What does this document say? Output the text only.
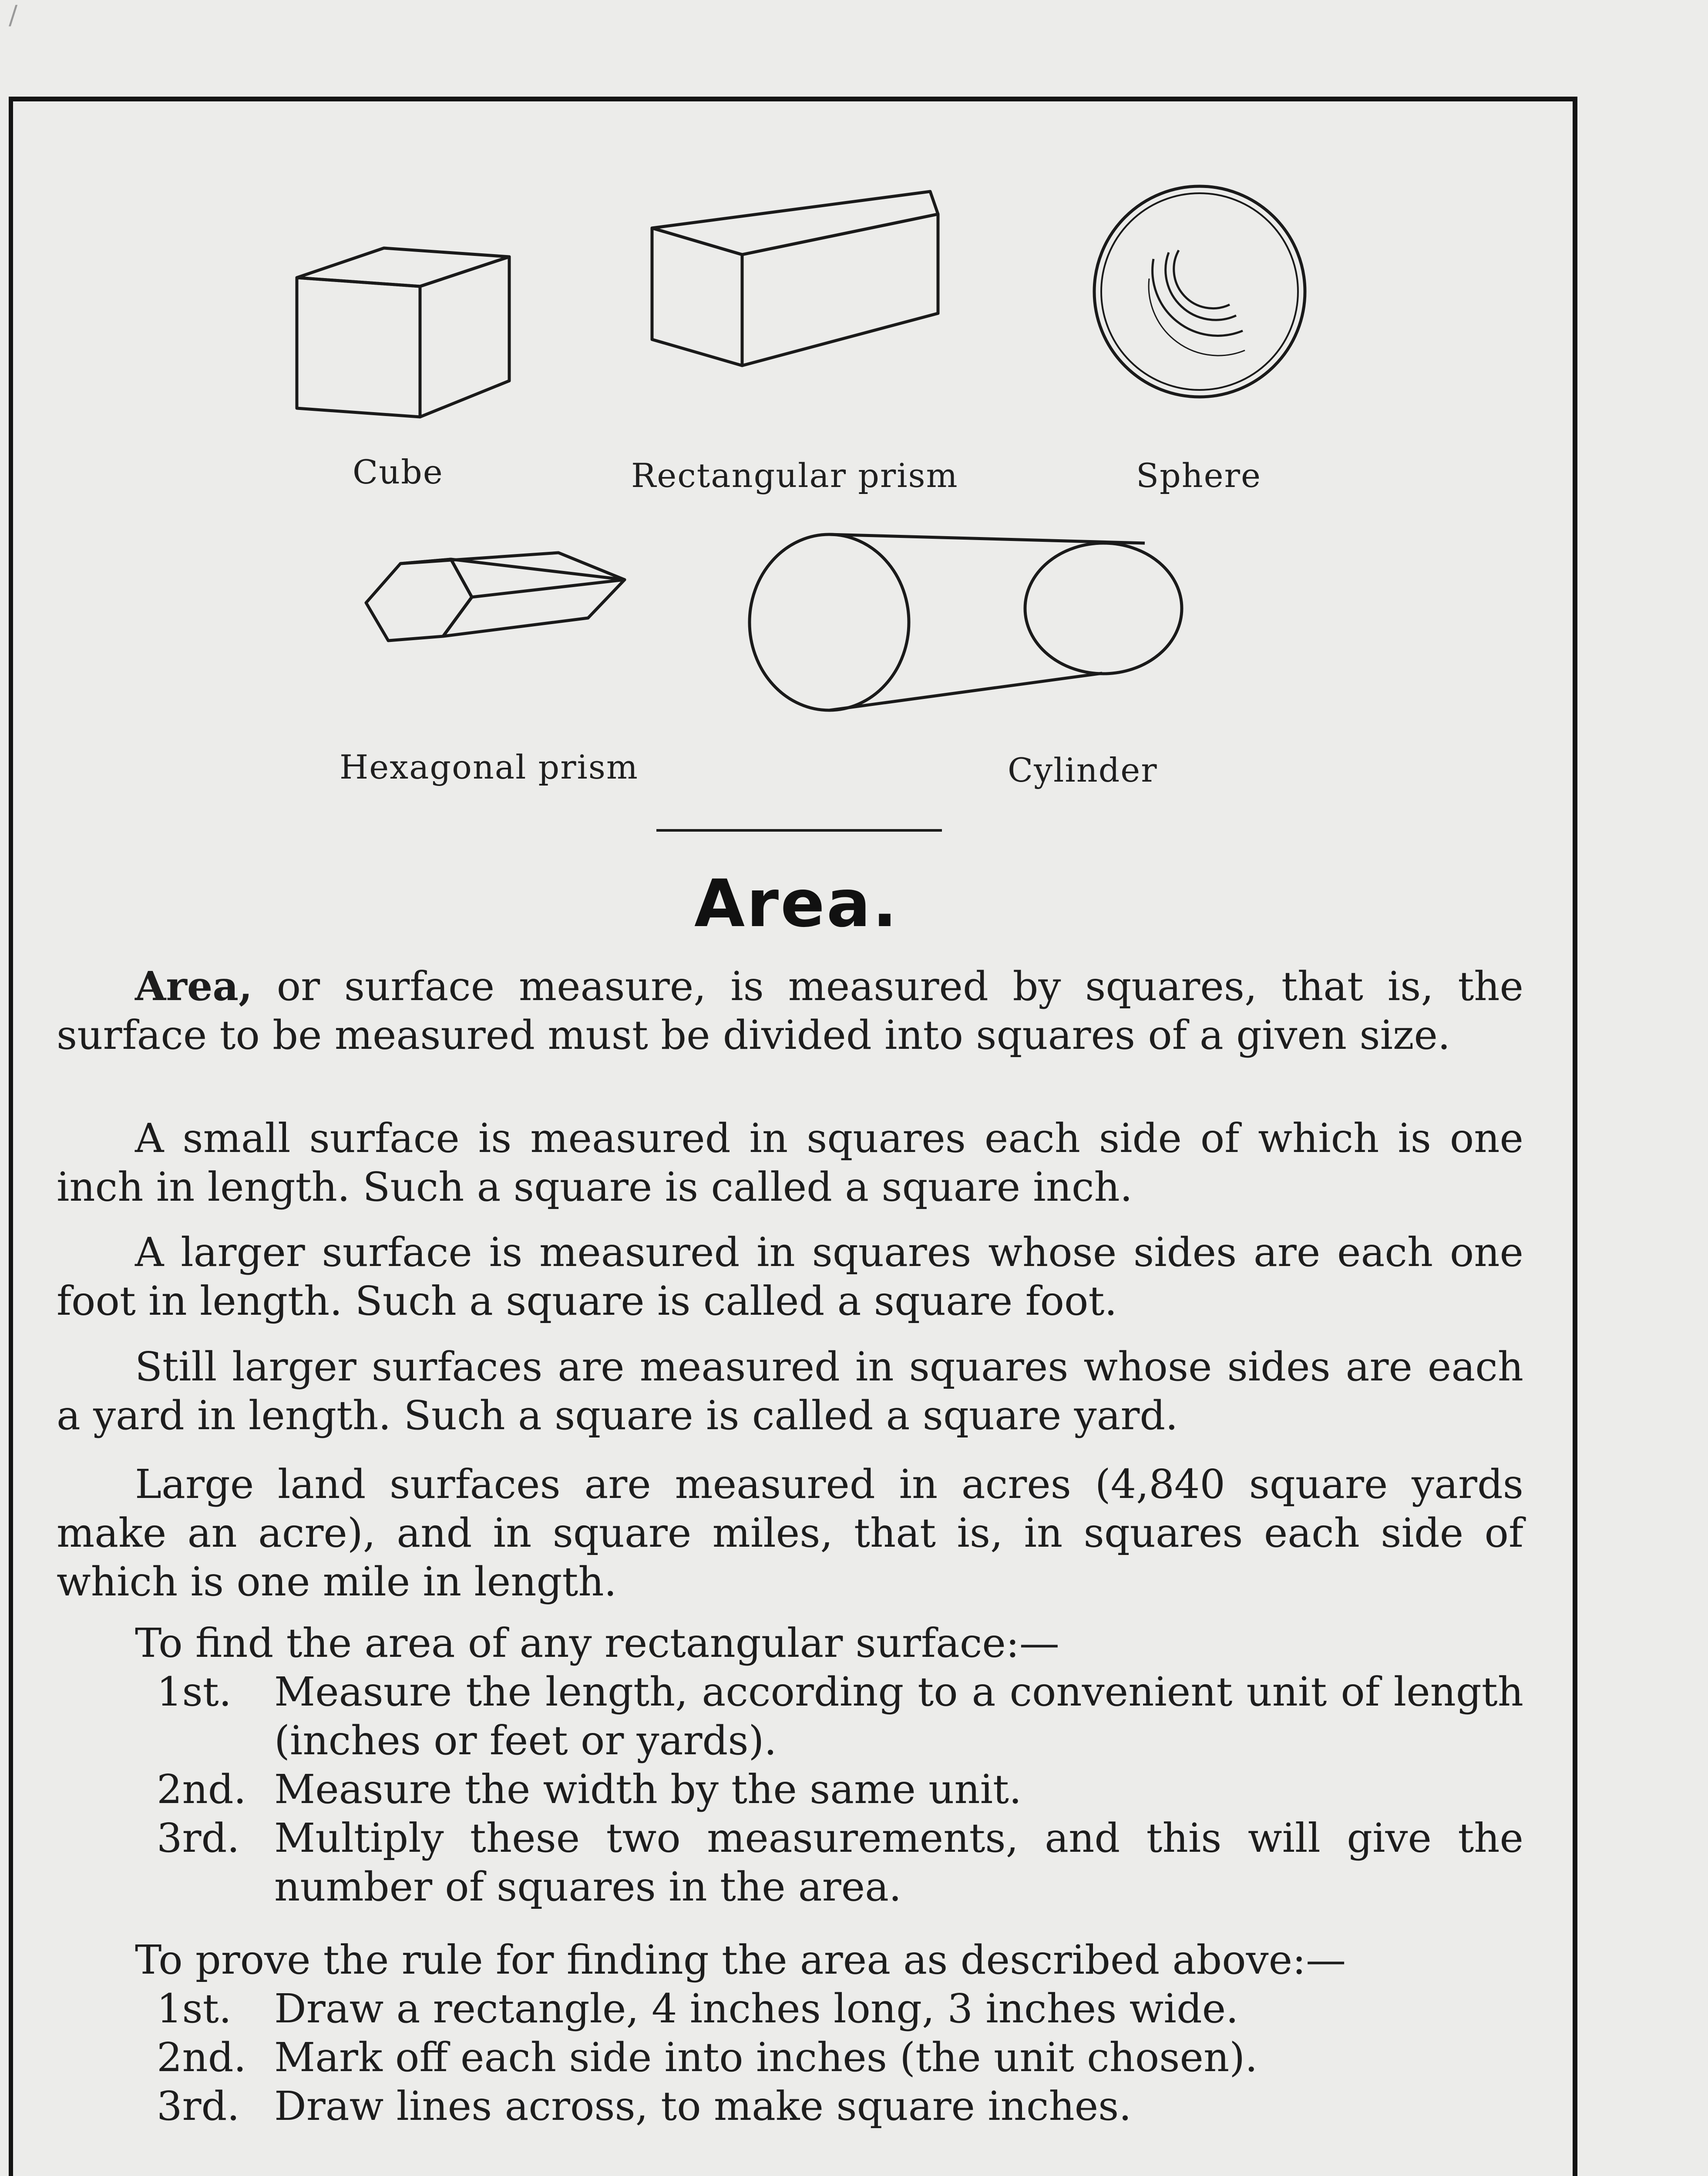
/
Cube	Rectangular prism	Sphere
Hexagonal prism	Cylinder
Area.
Area, or surface measure, is measured by squares, that is, the surface to be measured must be divided into squares of a given size.
A small surface is measured in squares each side of which is one inch in length. Such a square is called a square inch.
A larger surface is measured in squares whose sides are each one foot in length. Such a square is called a square foot.
Still larger surfaces are measured in squares whose sides are each a yard in length. Such a square is called a square yard.
Large land surfaces are measured in acres (4,840 square yards make an acre), and in square miles, that is, in squares each side of which is one mile in length.
To find the area of any rectangular surface:—
1st.	Measure the length, according to a convenient unit of length (inches or feet or yards).
2nd. Measure the width by the same unit.
3rd. Multiply these two measurements, and this will give the number of squares in the area.
To prove the rule for finding the area as described above:—
1st.	Draw a rectangle, 4 inches long, 3 inches wide.
2nd. Mark off each side into inches (the unit chosen).
3rd. Draw lines across, to make square inches.
